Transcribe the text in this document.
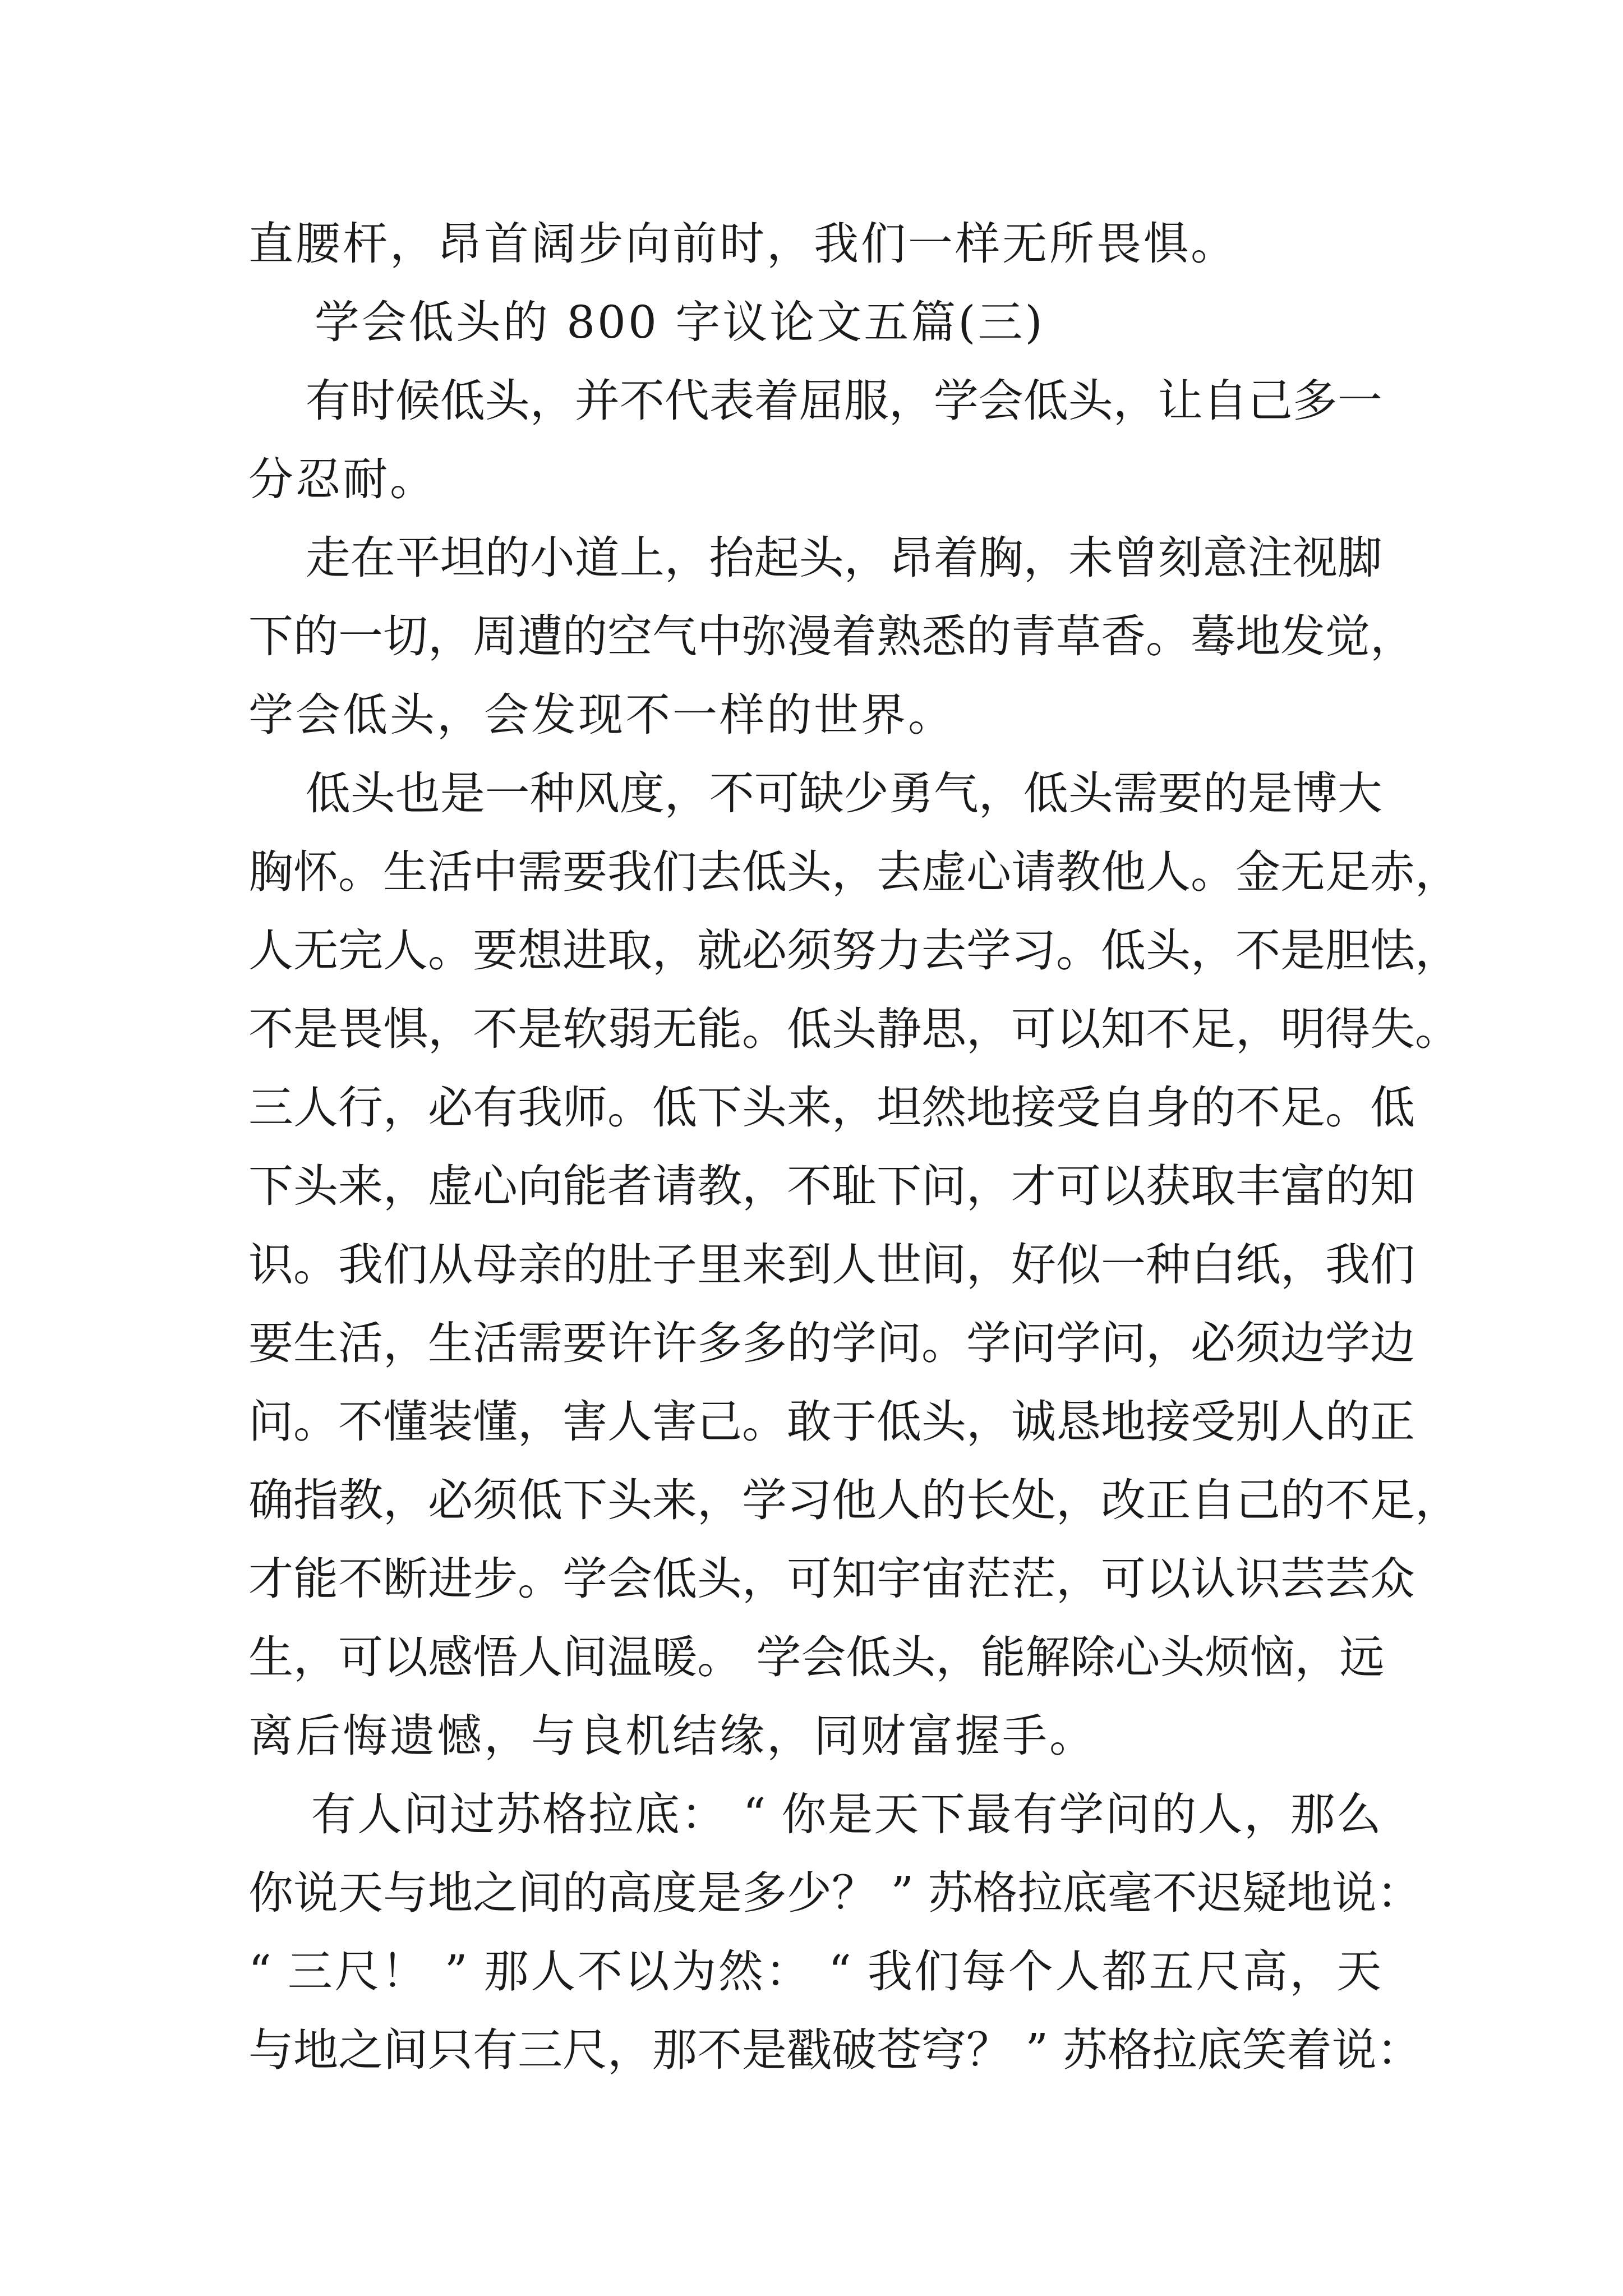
直腰杆，昂首阔步向前时，我们一样无所畏惧。
学会低头的 800 字议论文五篇(三)
有时候低头，并不代表着屈服，学会低头，让自己多一
分忍耐。
走在平坦的小道上，抬起头，昂着胸，未曾刻意注视脚
下的一切，周遭的空气中弥漫着熟悉的青草香。蓦地发觉，
学会低头，会发现不一样的世界。
低头也是一种风度，不可缺少勇气，低头需要的是博大
胸怀。生活中需要我们去低头，去虚心请教他人。金无足赤，
人无完人。要想进取，就必须努力去学习。低头，不是胆怯，
不是畏惧，不是软弱无能。低头静思，可以知不足，明得失。
三人行，必有我师。低下头来，坦然地接受自身的不足。低
下头来，虚心向能者请教，不耻下问，才可以获取丰富的知
识。我们从母亲的肚子里来到人世间，好似一种白纸，我们
要生活，生活需要许许多多的学问。学问学问，必须边学边
问。不懂装懂，害人害己。敢于低头，诚恳地接受别人的正
确指教，必须低下头来，学习他人的长处，改正自己的不足，
才能不断进步。学会低头，可知宇宙茫茫，可以认识芸芸众
生，可以感悟人间温暖。 学会低头，能解除心头烦恼，远
离后悔遗憾，与良机结缘，同财富握手。
有人问过苏格拉底： “ 你是天下最有学问的人，那么
你说天与地之间的高度是多少？ ” 苏格拉底毫不迟疑地说：
“ 三尺！ ” 那人不以为然： “ 我们每个人都五尺高，天
与地之间只有三尺，那不是戳破苍穹？ ” 苏格拉底笑着说：
